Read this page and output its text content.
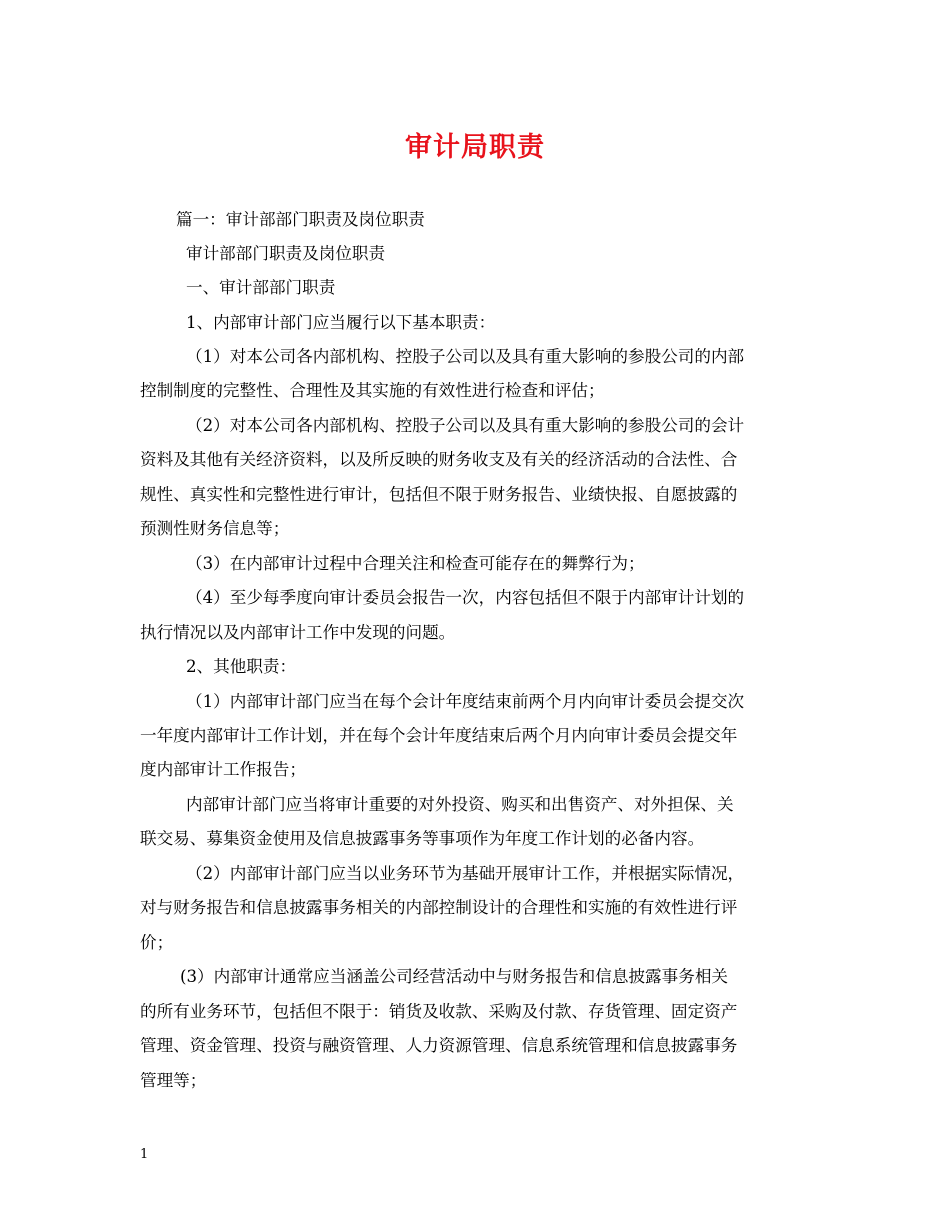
审计局职责
篇一：审计部部门职责及岗位职责
审计部部门职责及岗位职责
一、审计部部门职责
1、内部审计部门应当履行以下基本职责：
（1）对本公司各内部机构、控股子公司以及具有重大影响的参股公司的内部
控制制度的完整性、合理性及其实施的有效性进行检查和评估；
（2）对本公司各内部机构、控股子公司以及具有重大影响的参股公司的会计
资料及其他有关经济资料，以及所反映的财务收支及有关的经济活动的合法性、合
规性、真实性和完整性进行审计，包括但不限于财务报告、业绩快报、自愿披露的
预测性财务信息等；
（3）在内部审计过程中合理关注和检查可能存在的舞弊行为；
（4）至少每季度向审计委员会报告一次，内容包括但不限于内部审计计划的
执行情况以及内部审计工作中发现的问题。
2、其他职责：
（1）内部审计部门应当在每个会计年度结束前两个月内向审计委员会提交次
一年度内部审计工作计划，并在每个会计年度结束后两个月内向审计委员会提交年
度内部审计工作报告；
内部审计部门应当将审计重要的对外投资、购买和出售资产、对外担保、关
联交易、募集资金使用及信息披露事务等事项作为年度工作计划的必备内容。
（2）内部审计部门应当以业务环节为基础开展审计工作，并根据实际情况，
对与财务报告和信息披露事务相关的内部控制设计的合理性和实施的有效性进行评
价；
(3）内部审计通常应当涵盖公司经营活动中与财务报告和信息披露事务相关
的所有业务环节，包括但不限于：销货及收款、采购及付款、存货管理、固定资产
管理、资金管理、投资与融资管理、人力资源管理、信息系统管理和信息披露事务
管理等；
1
